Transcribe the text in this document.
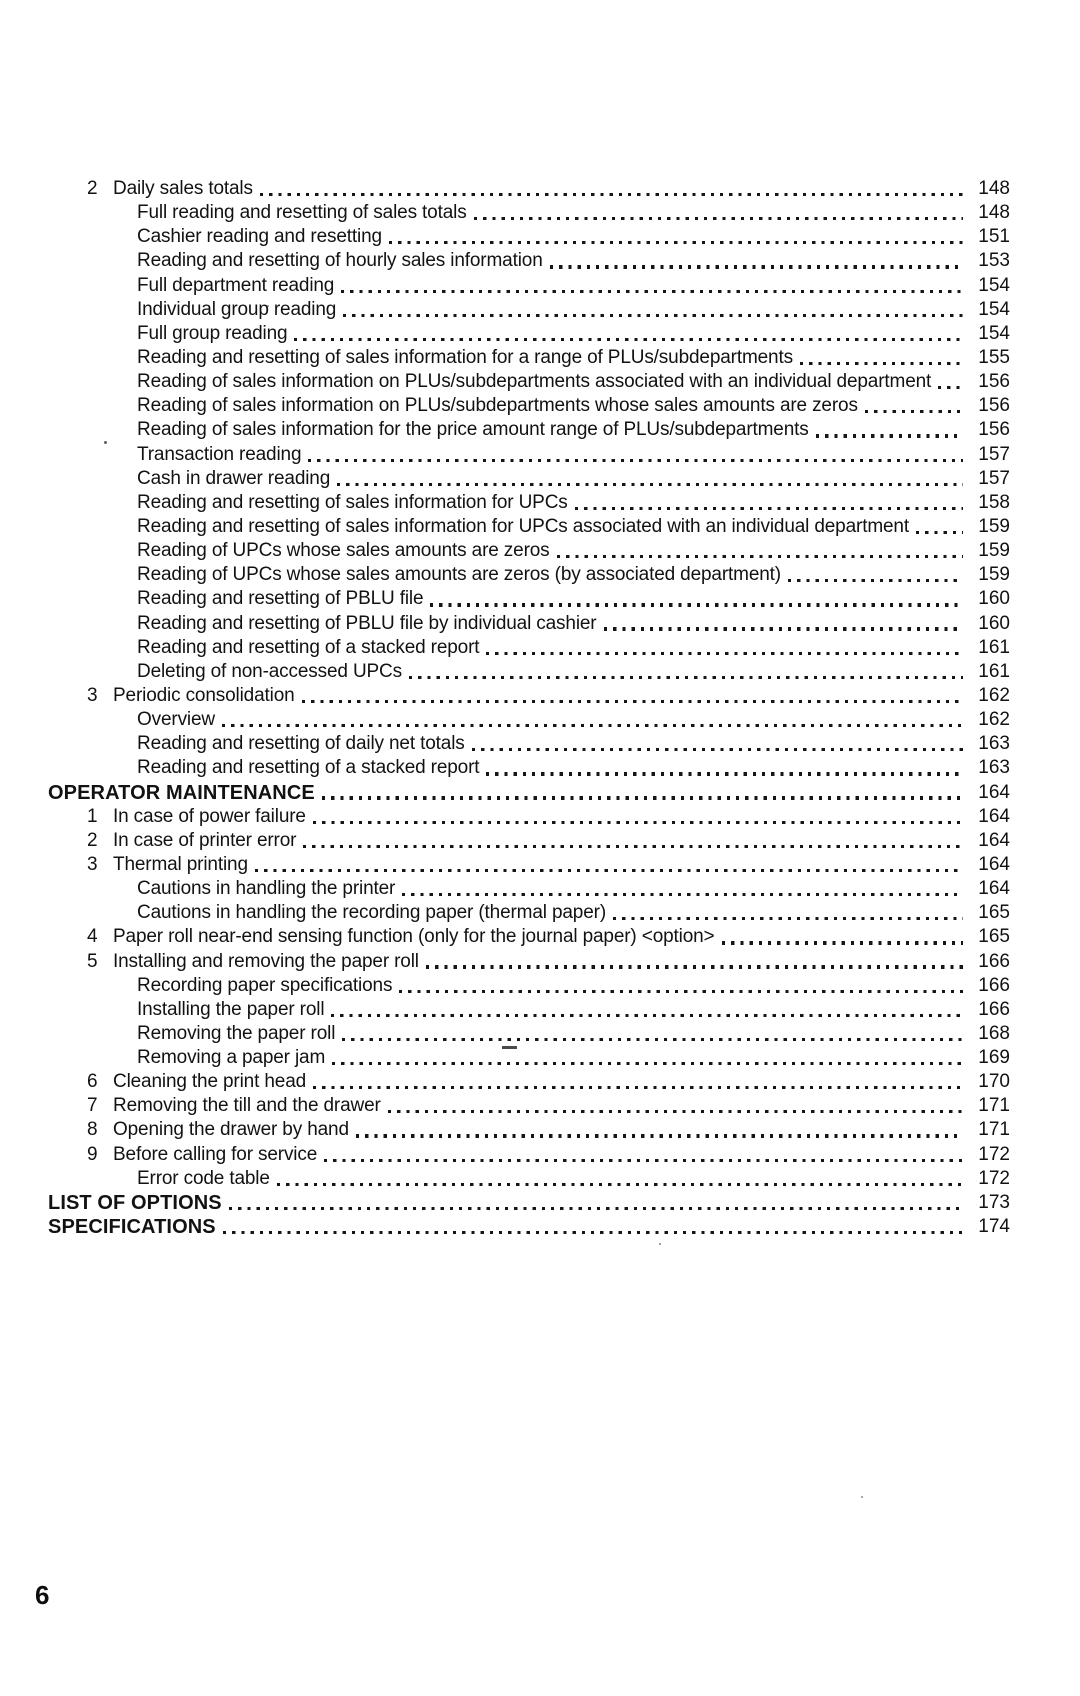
2 Daily sales totals	148
Full reading and resetting of sales totals	148
Cashier reading and resetting	151
Reading and resetting of hourly sales information	153
Full department reading	154
Individual group reading	154
Full group reading	154
Reading and resetting of sales information for a range of PLUs/subdepartments	155
Reading of sales information on PLUs/subdepartments associated with an individual department	156
Reading of sales information on PLUs/subdepartments whose sales amounts are zeros	156
Reading of sales information for the price amount range of PLUs/subdepartments	156
Transaction reading	157
Cash in drawer reading	157
Reading and resetting of sales information for UPCs	158
Reading and resetting of sales information for UPCs associated with an individual department	159
Reading of UPCs whose sales amounts are zeros	159
Reading of UPCs whose sales amounts are zeros (by associated department)	159
Reading and resetting of PBLU file	160
Reading and resetting of PBLU file by individual cashier	160
Reading and resetting of a stacked report	161
Deleting of non-accessed UPCs	161
3 Periodic consolidation	162
Overview	162
Reading and resetting of daily net totals	163
Reading and resetting of a stacked report	163
OPERATOR MAINTENANCE	164
1 In case of power failure	164
2 In case of printer error	164
3 Thermal printing	164
Cautions in handling the printer	164
Cautions in handling the recording paper (thermal paper)	165
4 Paper roll near-end sensing function (only for the journal paper) <option>	165
5 Installing and removing the paper roll	166
Recording paper specifications	166
Installing the paper roll	166
Removing the paper roll	168
Removing a paper jam	169
6 Cleaning the print head	170
7 Removing the till and the drawer	171
8 Opening the drawer by hand	171
9 Before calling for service	172
Error code table	172
LIST OF OPTIONS	173
SPECIFICATIONS	174
6
